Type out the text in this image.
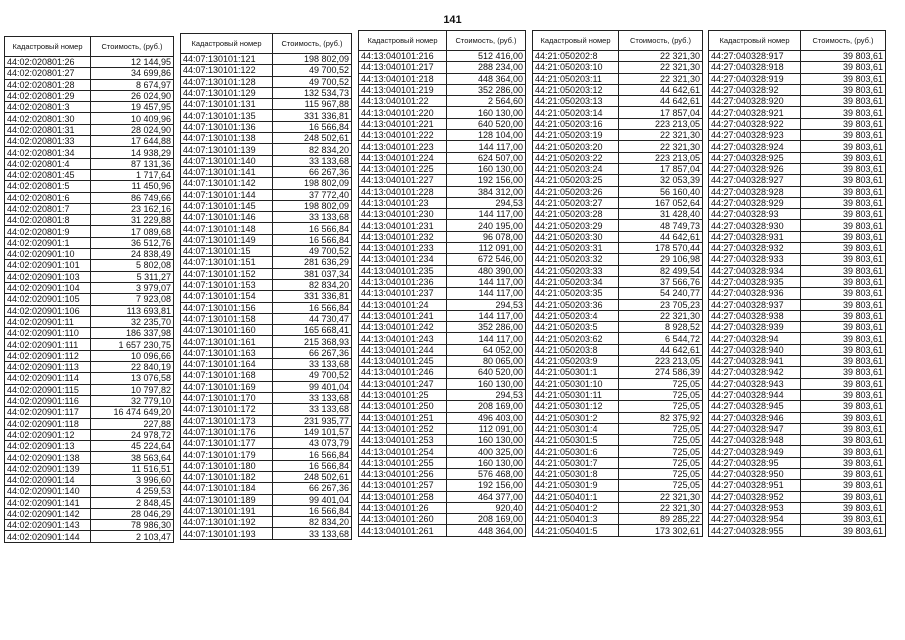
141
Кадастровый номер	Стоимость, (руб.)
44:02:020801:26	12 144,95
44:02:020801:27	34 699,86
44:02:020801:28	8 674,97
44:02:020801:29	26 024,90
44:02:020801:3	19 457,95
44:02:020801:30	10 409,96
44:02:020801:31	28 024,90
44:02:020801:33	17 644,88
44:02:020801:34	14 938,29
44:02:020801:4	87 131,36
44:02:020801:45	1 717,64
44:02:020801:5	11 450,96
44:02:020801:6	86 749,66
44:02:020801:7	23 162,16
44:02:020801:8	31 229,88
44:02:020801:9	17 089,68
44:02:020901:1	36 512,76
44:02:020901:10	24 838,49
44:02:020901:101	5 802,08
44:02:020901:103	5 311,27
44:02:020901:104	3 979,07
44:02:020901:105	7 923,08
44:02:020901:106	113 693,81
44:02:020901:11	32 235,70
44:02:020901:110	186 337,98
44:02:020901:111	1 657 230,75
44:02:020901:112	10 096,66
44:02:020901:113	22 840,19
44:02:020901:114	13 076,58
44:02:020901:115	10 797,82
44:02:020901:116	32 779,10
44:02:020901:117	16 474 649,20
44:02:020901:118	227,88
44:02:020901:12	24 978,72
44:02:020901:13	45 224,64
44:02:020901:138	38 563,64
44:02:020901:139	11 516,51
44:02:020901:14	3 996,60
44:02:020901:140	4 259,53
44:02:020901:141	2 848,45
44:02:020901:142	28 046,29
44:02:020901:143	78 986,30
44:02:020901:144	2 103,47
Кадастровый номер	Стоимость, (руб.)
44:07:130101:121	198 802,09
44:07:130101:122	49 700,52
44:07:130101:128	49 700,52
44:07:130101:129	132 534,73
44:07:130101:131	115 967,88
44:07:130101:135	331 336,81
44:07:130101:136	16 566,84
44:07:130101:138	248 502,61
44:07:130101:139	82 834,20
44:07:130101:140	33 133,68
44:07:130101:141	66 267,36
44:07:130101:142	198 802,09
44:07:130101:144	37 772,40
44:07:130101:145	198 802,09
44:07:130101:146	33 133,68
44:07:130101:148	16 566,84
44:07:130101:149	16 566,84
44:07:130101:15	49 700,52
44:07:130101:151	281 636,29
44:07:130101:152	381 037,34
44:07:130101:153	82 834,20
44:07:130101:154	331 336,81
44:07:130101:156	16 566,84
44:07:130101:158	44 730,47
44:07:130101:160	165 668,41
44:07:130101:161	215 368,93
44:07:130101:163	66 267,36
44:07:130101:164	33 133,68
44:07:130101:168	49 700,52
44:07:130101:169	99 401,04
44:07:130101:170	33 133,68
44:07:130101:172	33 133,68
44:07:130101:173	231 935,77
44:07:130101:176	149 101,57
44:07:130101:177	43 073,79
44:07:130101:179	16 566,84
44:07:130101:180	16 566,84
44:07:130101:182	248 502,61
44:07:130101:184	66 267,36
44:07:130101:189	99 401,04
44:07:130101:191	16 566,84
44:07:130101:192	82 834,20
44:07:130101:193	33 133,68
Кадастровый номер	Стоимость, (руб.)
44:13:040101:216	512 416,00
44:13:040101:217	288 234,00
44:13:040101:218	448 364,00
44:13:040101:219	352 286,00
44:13:040101:22	2 564,60
44:13:040101:220	160 130,00
44:13:040101:221	640 520,00
44:13:040101:222	128 104,00
44:13:040101:223	144 117,00
44:13:040101:224	624 507,00
44:13:040101:225	160 130,00
44:13:040101:227	192 156,00
44:13:040101:228	384 312,00
44:13:040101:23	294,53
44:13:040101:230	144 117,00
44:13:040101:231	240 195,00
44:13:040101:232	96 078,00
44:13:040101:233	112 091,00
44:13:040101:234	672 546,00
44:13:040101:235	480 390,00
44:13:040101:236	144 117,00
44:13:040101:237	144 117,00
44:13:040101:24	294,53
44:13:040101:241	144 117,00
44:13:040101:242	352 286,00
44:13:040101:243	144 117,00
44:13:040101:244	64 052,00
44:13:040101:245	80 065,00
44:13:040101:246	640 520,00
44:13:040101:247	160 130,00
44:13:040101:25	294,53
44:13:040101:250	208 169,00
44:13:040101:251	496 403,00
44:13:040101:252	112 091,00
44:13:040101:253	160 130,00
44:13:040101:254	400 325,00
44:13:040101:255	160 130,00
44:13:040101:256	576 468,00
44:13:040101:257	192 156,00
44:13:040101:258	464 377,00
44:13:040101:26	920,40
44:13:040101:260	208 169,00
44:13:040101:261	448 364,00
Кадастровый номер	Стоимость, (руб.)
44:21:050202:8	22 321,30
44:21:050203:10	22 321,30
44:21:050203:11	22 321,30
44:21:050203:12	44 642,61
44:21:050203:13	44 642,61
44:21:050203:14	17 857,04
44:21:050203:16	223 213,05
44:21:050203:19	22 321,30
44:21:050203:20	22 321,30
44:21:050203:22	223 213,05
44:21:050203:24	17 857,04
44:21:050203:25	32 053,39
44:21:050203:26	56 160,40
44:21:050203:27	167 052,64
44:21:050203:28	31 428,40
44:21:050203:29	48 749,73
44:21:050203:30	44 642,61
44:21:050203:31	178 570,44
44:21:050203:32	29 106,98
44:21:050203:33	82 499,54
44:21:050203:34	37 566,76
44:21:050203:35	54 240,77
44:21:050203:36	23 705,23
44:21:050203:4	22 321,30
44:21:050203:5	8 928,52
44:21:050203:62	6 544,72
44:21:050203:8	44 642,61
44:21:050203:9	223 213,05
44:21:050301:1	274 586,39
44:21:050301:10	725,05
44:21:050301:11	725,05
44:21:050301:12	725,05
44:21:050301:2	82 375,92
44:21:050301:4	725,05
44:21:050301:5	725,05
44:21:050301:6	725,05
44:21:050301:7	725,05
44:21:050301:8	725,05
44:21:050301:9	725,05
44:21:050401:1	22 321,30
44:21:050401:2	22 321,30
44:21:050401:3	89 285,22
44:21:050401:5	173 302,61
Кадастровый номер	Стоимость, (руб.)
44:27:040328:917	39 803,61
44:27:040328:918	39 803,61
44:27:040328:919	39 803,61
44:27:040328:92	39 803,61
44:27:040328:920	39 803,61
44:27:040328:921	39 803,61
44:27:040328:922	39 803,61
44:27:040328:923	39 803,61
44:27:040328:924	39 803,61
44:27:040328:925	39 803,61
44:27:040328:926	39 803,61
44:27:040328:927	39 803,61
44:27:040328:928	39 803,61
44:27:040328:929	39 803,61
44:27:040328:93	39 803,61
44:27:040328:930	39 803,61
44:27:040328:931	39 803,61
44:27:040328:932	39 803,61
44:27:040328:933	39 803,61
44:27:040328:934	39 803,61
44:27:040328:935	39 803,61
44:27:040328:936	39 803,61
44:27:040328:937	39 803,61
44:27:040328:938	39 803,61
44:27:040328:939	39 803,61
44:27:040328:94	39 803,61
44:27:040328:940	39 803,61
44:27:040328:941	39 803,61
44:27:040328:942	39 803,61
44:27:040328:943	39 803,61
44:27:040328:944	39 803,61
44:27:040328:945	39 803,61
44:27:040328:946	39 803,61
44:27:040328:947	39 803,61
44:27:040328:948	39 803,61
44:27:040328:949	39 803,61
44:27:040328:95	39 803,61
44:27:040328:950	39 803,61
44:27:040328:951	39 803,61
44:27:040328:952	39 803,61
44:27:040328:953	39 803,61
44:27:040328:954	39 803,61
44:27:040328:955	39 803,61
